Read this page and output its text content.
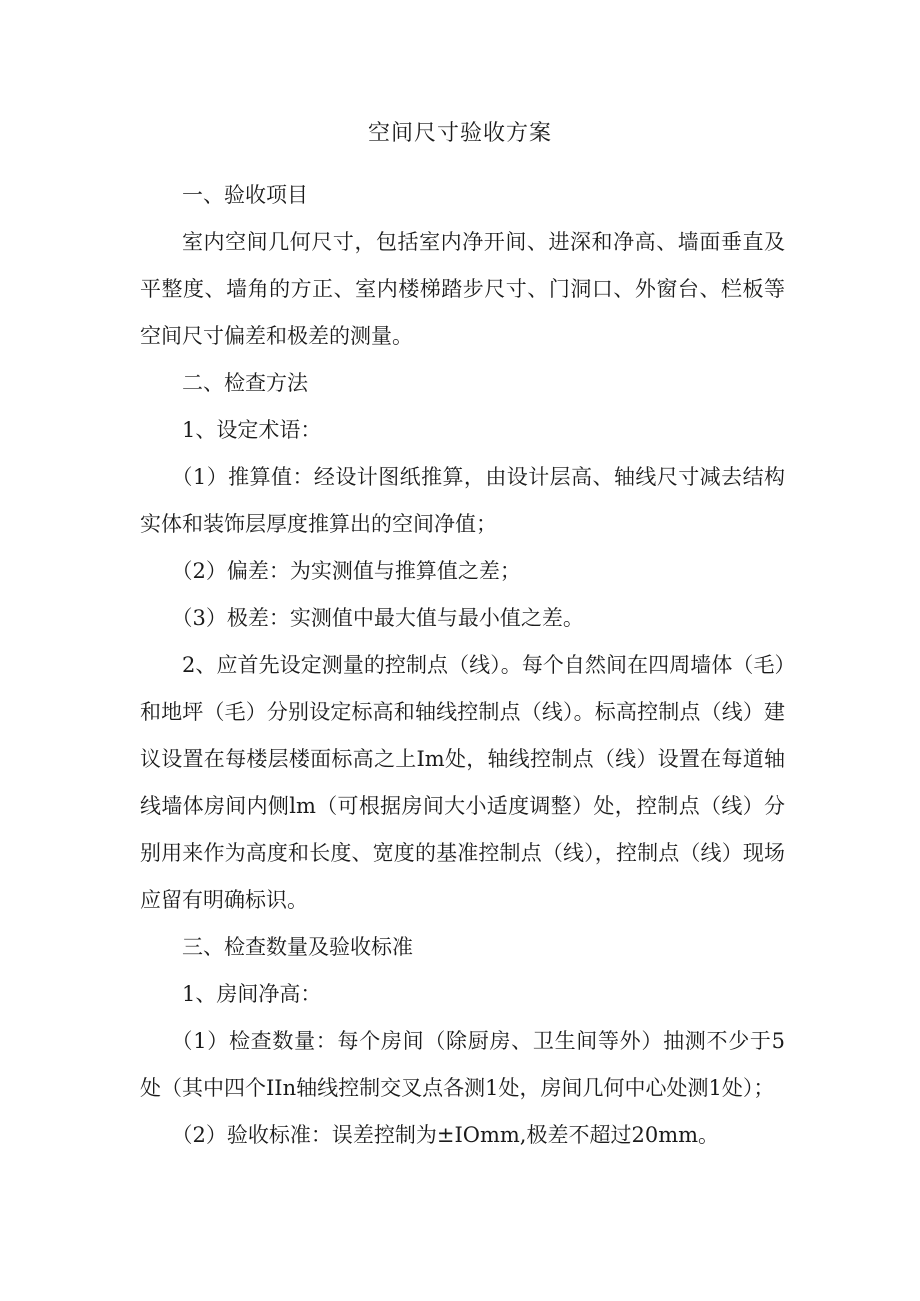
空间尺寸验收方案

一、验收项目

室内空间几何尺寸，包括室内净开间、进深和净高、墙面垂直及平整度、墙角的方正、室内楼梯踏步尺寸、门洞口、外窗台、栏板等空间尺寸偏差和极差的测量。

二、检查方法

1、设定术语：

（1）推算值：经设计图纸推算，由设计层高、轴线尺寸减去结构实体和装饰层厚度推算出的空间净值；

（2）偏差：为实测值与推算值之差；

（3）极差：实测值中最大值与最小值之差。

2、应首先设定测量的控制点（线）。每个自然间在四周墙体（毛）和地坪（毛）分别设定标高和轴线控制点（线）。标高控制点（线）建议设置在每楼层楼面标高之上Im处，轴线控制点（线）设置在每道轴线墙体房间内侧lm（可根据房间大小适度调整）处，控制点（线）分别用来作为高度和长度、宽度的基准控制点（线），控制点（线）现场应留有明确标识。

三、检查数量及验收标准

1、房间净高：

（1）检查数量：每个房间（除厨房、卫生间等外）抽测不少于5处（其中四个IIn轴线控制交叉点各测1处，房间几何中心处测1处）；

（2）验收标准：误差控制为±IOmm,极差不超过20mm。
